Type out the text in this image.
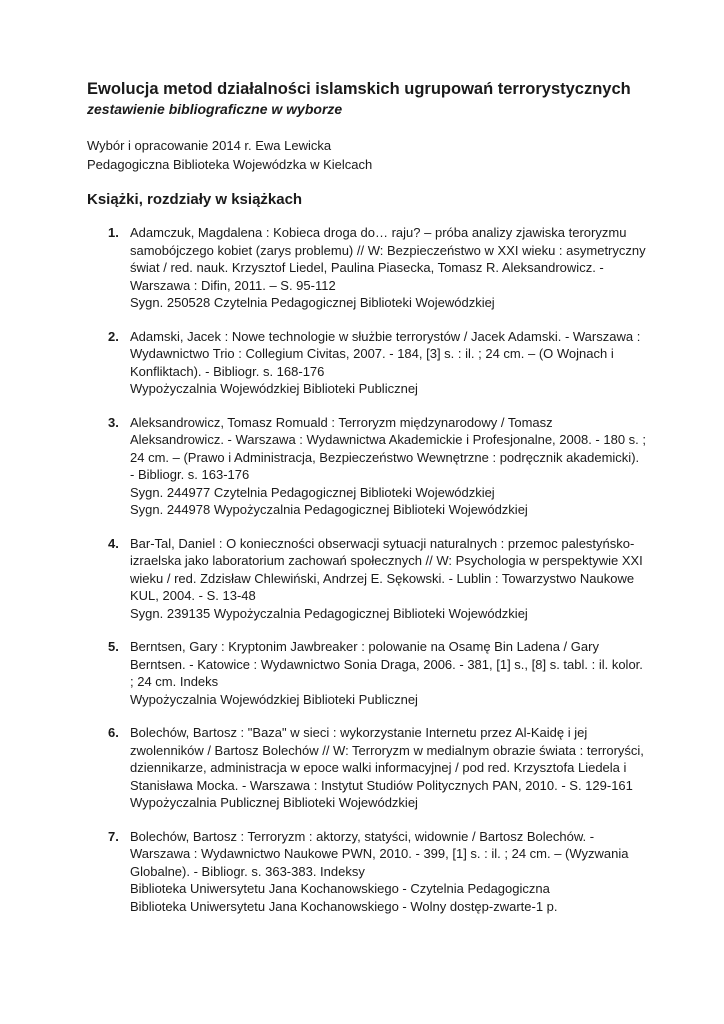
Ewolucja metod działalności islamskich ugrupowań terrorystycznych
zestawienie bibliograficzne w wyborze
Wybór i opracowanie 2014 r. Ewa Lewicka
Pedagogiczna Biblioteka Wojewódzka w Kielcach
Książki, rozdziały w książkach
1. Adamczuk, Magdalena : Kobieca droga do… raju? – próba analizy zjawiska teroryzmu samobójczego kobiet (zarys problemu) // W: Bezpieczeństwo w XXI wieku : asymetryczny świat / red. nauk. Krzysztof Liedel, Paulina Piasecka, Tomasz R. Aleksandrowicz. - Warszawa : Difin, 2011. – S. 95-112
Sygn. 250528 Czytelnia Pedagogicznej Biblioteki Wojewódzkiej
2. Adamski, Jacek : Nowe technologie w służbie terrorystów / Jacek Adamski. - Warszawa : Wydawnictwo Trio : Collegium Civitas, 2007. - 184, [3] s. : il. ; 24 cm. – (O Wojnach i Konfliktach). - Bibliogr. s. 168-176
Wypożyczalnia Wojewódzkiej Biblioteki Publicznej
3. Aleksandrowicz, Tomasz Romuald : Terroryzm międzynarodowy / Tomasz Aleksandrowicz. - Warszawa : Wydawnictwa Akademickie i Profesjonalne, 2008. - 180 s. ; 24 cm. – (Prawo i Administracja, Bezpieczeństwo Wewnętrzne : podręcznik akademicki). - Bibliogr. s. 163-176
Sygn. 244977 Czytelnia Pedagogicznej Biblioteki Wojewódzkiej
Sygn. 244978 Wypożyczalnia Pedagogicznej Biblioteki Wojewódzkiej
4. Bar-Tal, Daniel : O konieczności obserwacji sytuacji naturalnych : przemoc palestyńsko-izraelska jako laboratorium zachowań społecznych // W: Psychologia w perspektywie XXI wieku / red. Zdzisław Chlewiński, Andrzej E. Sękowski. - Lublin : Towarzystwo Naukowe KUL, 2004. - S. 13-48
Sygn. 239135 Wypożyczalnia Pedagogicznej Biblioteki Wojewódzkiej
5. Berntsen, Gary : Kryptonim Jawbreaker : polowanie na Osamę Bin Ladena / Gary Berntsen. - Katowice : Wydawnictwo Sonia Draga, 2006. - 381, [1] s., [8] s. tabl. : il. kolor. ; 24 cm. Indeks
Wypożyczalnia Wojewódzkiej Biblioteki Publicznej
6. Bolechów, Bartosz : "Baza" w sieci : wykorzystanie Internetu przez Al-Kaidę i jej zwolenników / Bartosz Bolechów // W: Terroryzm w medialnym obrazie świata : terroryści, dziennikarze, administracja w epoce walki informacyjnej / pod red. Krzysztofa Liedela i Stanisława Mocka. - Warszawa : Instytut Studiów Politycznych PAN, 2010. - S. 129-161
Wypożyczalnia Publicznej Biblioteki Wojewódzkiej
7. Bolechów, Bartosz : Terroryzm : aktorzy, statyści, widownie / Bartosz Bolechów. - Warszawa : Wydawnictwo Naukowe PWN, 2010. - 399, [1] s. : il. ; 24 cm. – (Wyzwania Globalne). - Bibliogr. s. 363-383. Indeksy
Biblioteka Uniwersytetu Jana Kochanowskiego - Czytelnia Pedagogiczna
Biblioteka Uniwersytetu Jana Kochanowskiego - Wolny dostęp-zwarte-1 p.
